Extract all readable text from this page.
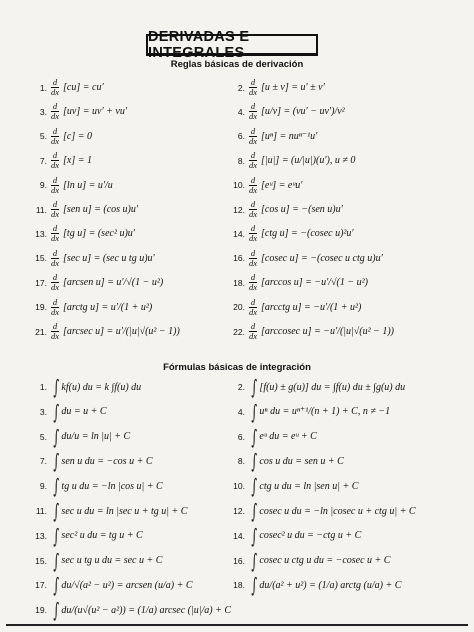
DERIVADAS E INTEGRALES
Reglas básicas de derivación
Fórmulas básicas de integración
1.
d
dx [cu] = cu′	2.
d
dx [u ± v] = u′ ± v′
3.
d
dx [uv] = uv′ + vu′	4.
d
dx [u/v] = (vu′ − uv′)/v²
5.
d
dx [c] = 0	6.
d
dx [uⁿ] = nuⁿ⁻¹u′
7.
d
dx [x] = 1	8.
d
dx [|u|] = (u/|u|)(u′), u ≠ 0
9.
d
dx [ln u] = u′/u	10.
d
dx [eᵘ] = eᵘu′
11.
d
dx [sen u] = (cos u)u′	12.
d
dx [cos u] = −(sen u)u′
13.
d
dx [tg u] = (sec² u)u′	14.
d
dx [ctg u] = −(cosec u)²u′
15.
d
dx [sec u] = (sec u tg u)u′	16.
d
dx [cosec u] = −(cosec u ctg u)u′
17.
d
dx [arcsen u] = u′/√(1 − u²)	18.
d
dx [arccos u] = −u′/√(1 − u²)
19.
d
dx [arctg u] = u′/(1 + u²)	20.
d
dx [arcctg u] = −u′/(1 + u²)
21.
d
dx [arcsec u] = u′/(|u|√(u² − 1))	22.
d
dx [arccosec u] = −u′/(|u|√(u² − 1))
1. ∫ kf(u) du = k ∫f(u) du	2. ∫ [f(u) ± g(u)] du = ∫f(u) du ± ∫g(u) du
3. ∫ du = u + C	4. ∫ uⁿ du = uⁿ⁺¹/(n + 1) + C, n ≠ −1
5. ∫ du/u = ln |u| + C	6. ∫ eᵘ du = eᵘ + C
7. ∫ sen u du = −cos u + C	8. ∫ cos u du = sen u + C
9. ∫ tg u du = −ln |cos u| + C	10. ∫ ctg u du = ln |sen u| + C
11. ∫ sec u du = ln |sec u + tg u| + C	12. ∫ cosec u du = −ln |cosec u + ctg u| + C
13. ∫ sec² u du = tg u + C	14. ∫ cosec² u du = −ctg u + C
15. ∫ sec u tg u du = sec u + C	16. ∫ cosec u ctg u du = −cosec u + C
17. ∫ du/√(a² − u²) = arcsen (u/a) + C	18. ∫ du/(a² + u²) = (1/a) arctg (u/a) + C
19. ∫ du/(u√(u² − a²)) = (1/a) arcsec (|u|/a) + C
